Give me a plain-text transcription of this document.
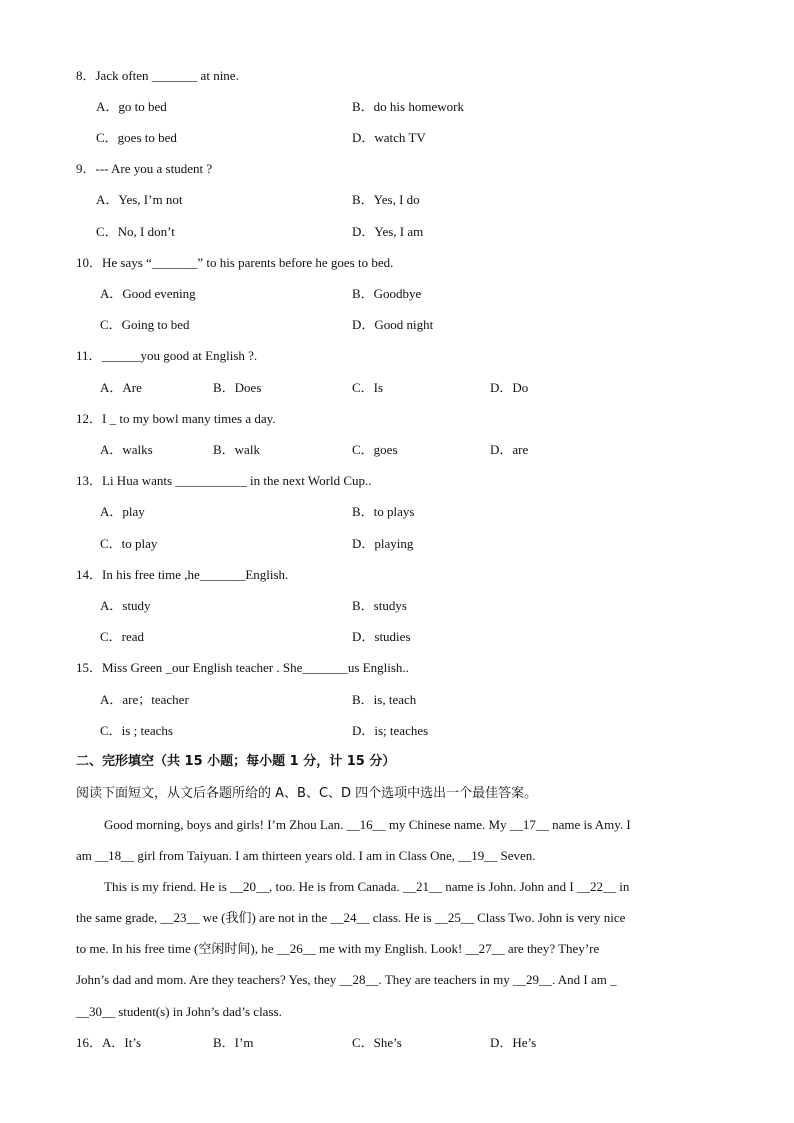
8．Jack often _______ at nine.
A．go to bed	B．do his homework
C．goes to bed	D．watch TV
9．--- Are you a student ?
A．Yes, I’m not	B．Yes, I do
C．No, I don’t	D．Yes, I am
10．He says “_______” to his parents before he goes to bed.
A．Good evening	B．Goodbye
C．Going to bed	D．Good night
11．______you good at English ?.
A．Are	B．Does	C．Is	D．Do
12．I _ to my bowl many times a day.
A．walks	B．walk	C．goes	D．are
13．Li Hua wants ___________ in the next World Cup..
A．play	B．to plays
C．to play	D．playing
14．In his free time ,he_______English.
A．study	B．studys
C．read	D．studies
15．Miss Green _our English teacher . She_______us English..
A．are；teacher	B．is, teach
C．is ; teachs	D．is; teaches
二、完形填空（共 15 小题；每小题 1 分，计 15 分）
阅读下面短文，从文后各题所给的 A、B、C、D 四个选项中选出一个最佳答案。
Good morning, boys and girls! I’m Zhou Lan. __16__ my Chinese name. My __17__ name is Amy. I
am __18__ girl from Taiyuan. I am thirteen years old. I am in Class One, __19__ Seven.
This is my friend. He is __20__, too. He is from Canada. __21__ name is John. John and I __22__ in
the same grade, __23__ we (我们) are not in the __24__ class. He is __25__ Class Two. John is very nice
to me. In his free time (空闲时间), he __26__ me with my English. Look! __27__ are they? They’re
John’s dad and mom. Are they teachers? Yes, they __28__. They are teachers in my __29__. And I am _
__30__ student(s) in John’s dad’s class.
16．A．It’s	B．I’m	C．She’s	D．He’s
